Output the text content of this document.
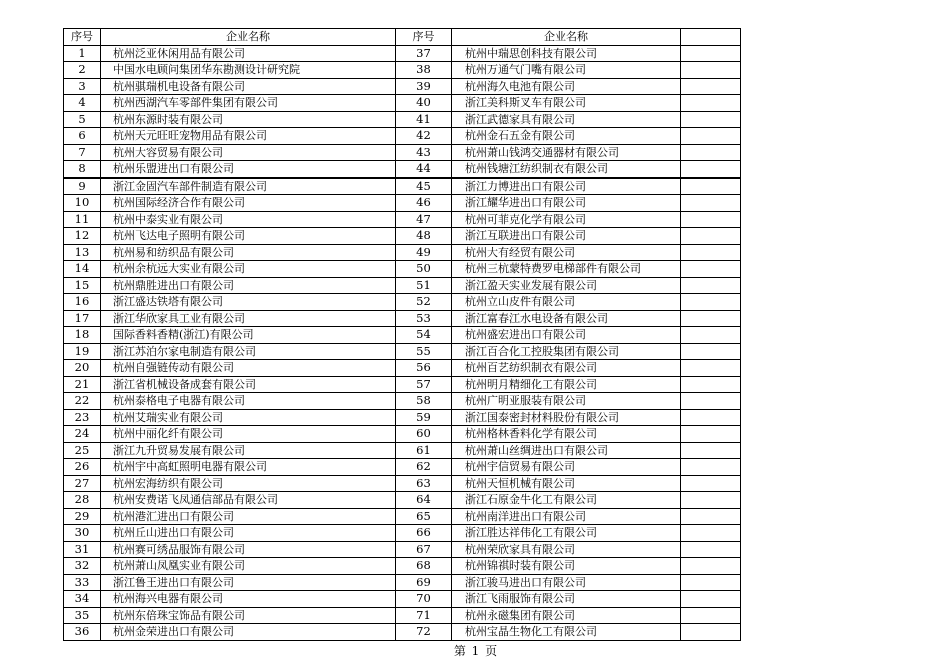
序号	企业名称	序号	企业名称	
1	杭州泛亚休闲用品有限公司	37	杭州中瑞思创科技有限公司	
2	中国水电顾问集团华东勘测设计研究院	38	杭州万通气门嘴有限公司	
3	杭州骐瑞机电设备有限公司	39	杭州海久电池有限公司	
4	杭州西湖汽车零部件集团有限公司	40	浙江美科斯叉车有限公司	
5	杭州东源时装有限公司	41	浙江武德家具有限公司	
6	杭州天元旺旺宠物用品有限公司	42	杭州金石五金有限公司	
7	杭州大容贸易有限公司	43	杭州萧山钱鸿交通器材有限公司	
8	杭州乐盟进出口有限公司	44	杭州钱塘江纺织制衣有限公司	
9	浙江金固汽车部件制造有限公司	45	浙江力博进出口有限公司	
10	杭州国际经济合作有限公司	46	浙江耀华进出口有限公司	
11	杭州中泰实业有限公司	47	杭州可菲克化学有限公司	
12	杭州飞达电子照明有限公司	48	浙江互联进出口有限公司	
13	杭州易和纺织品有限公司	49	杭州大有经贸有限公司	
14	杭州余杭远大实业有限公司	50	杭州三杭蒙特费罗电梯部件有限公司	
15	杭州鼎胜进出口有限公司	51	浙江盈天实业发展有限公司	
16	浙江盛达铁塔有限公司	52	杭州立山皮件有限公司	
17	浙江华欣家具工业有限公司	53	浙江富春江水电设备有限公司	
18	国际香料香精(浙江)有限公司	54	杭州盛宏进出口有限公司	
19	浙江苏泊尔家电制造有限公司	55	浙江百合化工控股集团有限公司	
20	杭州自强链传动有限公司	56	杭州百艺纺织制衣有限公司	
21	浙江省机械设备成套有限公司	57	杭州明月精细化工有限公司	
22	杭州泰格电子电器有限公司	58	杭州广明亚服装有限公司	
23	杭州艾瑞实业有限公司	59	浙江国泰密封材料股份有限公司	
24	杭州中丽化纤有限公司	60	杭州格林香料化学有限公司	
25	浙江九升贸易发展有限公司	61	杭州萧山丝绸进出口有限公司	
26	杭州宇中高虹照明电器有限公司	62	杭州宇信贸易有限公司	
27	杭州宏海纺织有限公司	63	杭州天恒机械有限公司	
28	杭州安费诺飞凤通信部品有限公司	64	浙江石原金牛化工有限公司	
29	杭州港汇进出口有限公司	65	杭州南洋进出口有限公司	
30	杭州丘山进出口有限公司	66	浙江胜达祥伟化工有限公司	
31	杭州赛可绣品服饰有限公司	67	杭州荣欣家具有限公司	
32	杭州萧山凤凰实业有限公司	68	杭州锦祺时装有限公司	
33	浙江鲁王进出口有限公司	69	浙江骏马进出口有限公司	
34	杭州海兴电器有限公司	70	浙江飞雨服饰有限公司	
35	杭州东倍珠宝饰品有限公司	71	杭州永磁集团有限公司	
36	杭州金荣进出口有限公司	72	杭州宝晶生物化工有限公司	
第 1 页
